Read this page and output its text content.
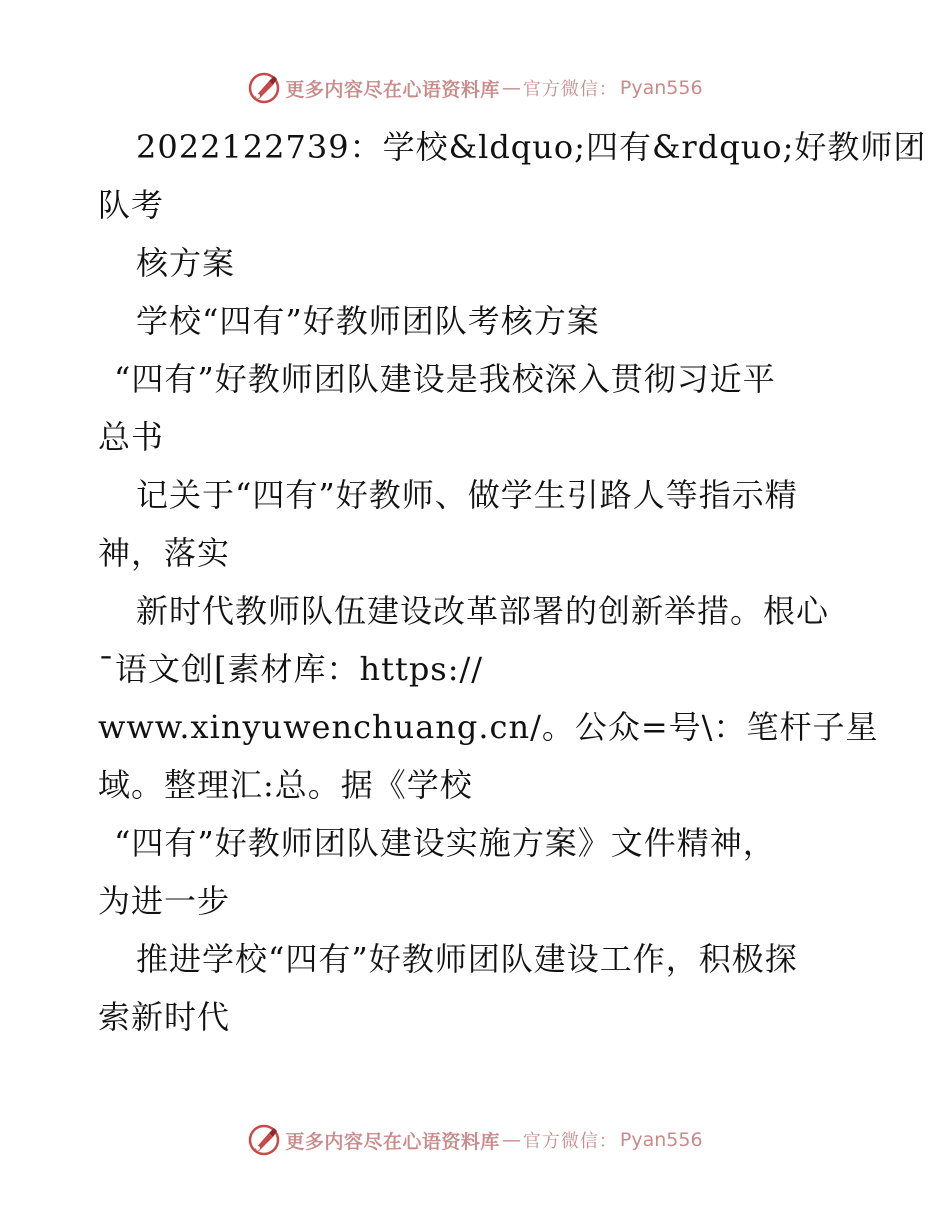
更多内容尽在心语资料库 — 官方微信： Pyan556
2022122739：学校&ldquo;四有&rdquo;好教师团
队考
核方案
学校“四有”好教师团队考核方案
“四有”好教师团队建设是我校深入贯彻习近平
总书
记关于“四有”好教师、做学生引路人等指示精
神，落实
新时代教师队伍建设改革部署的创新举措。根心
¯语文创[素材库：https://
www.xinyuwenchuang.cn/。公众=号\：笔杆子星
域。整理汇:总。据《学校
“四有”好教师团队建设实施方案》文件精神，
为进一步
推进学校“四有”好教师团队建设工作，积极探
索新时代
更多内容尽在心语资料库 — 官方微信： Pyan556
